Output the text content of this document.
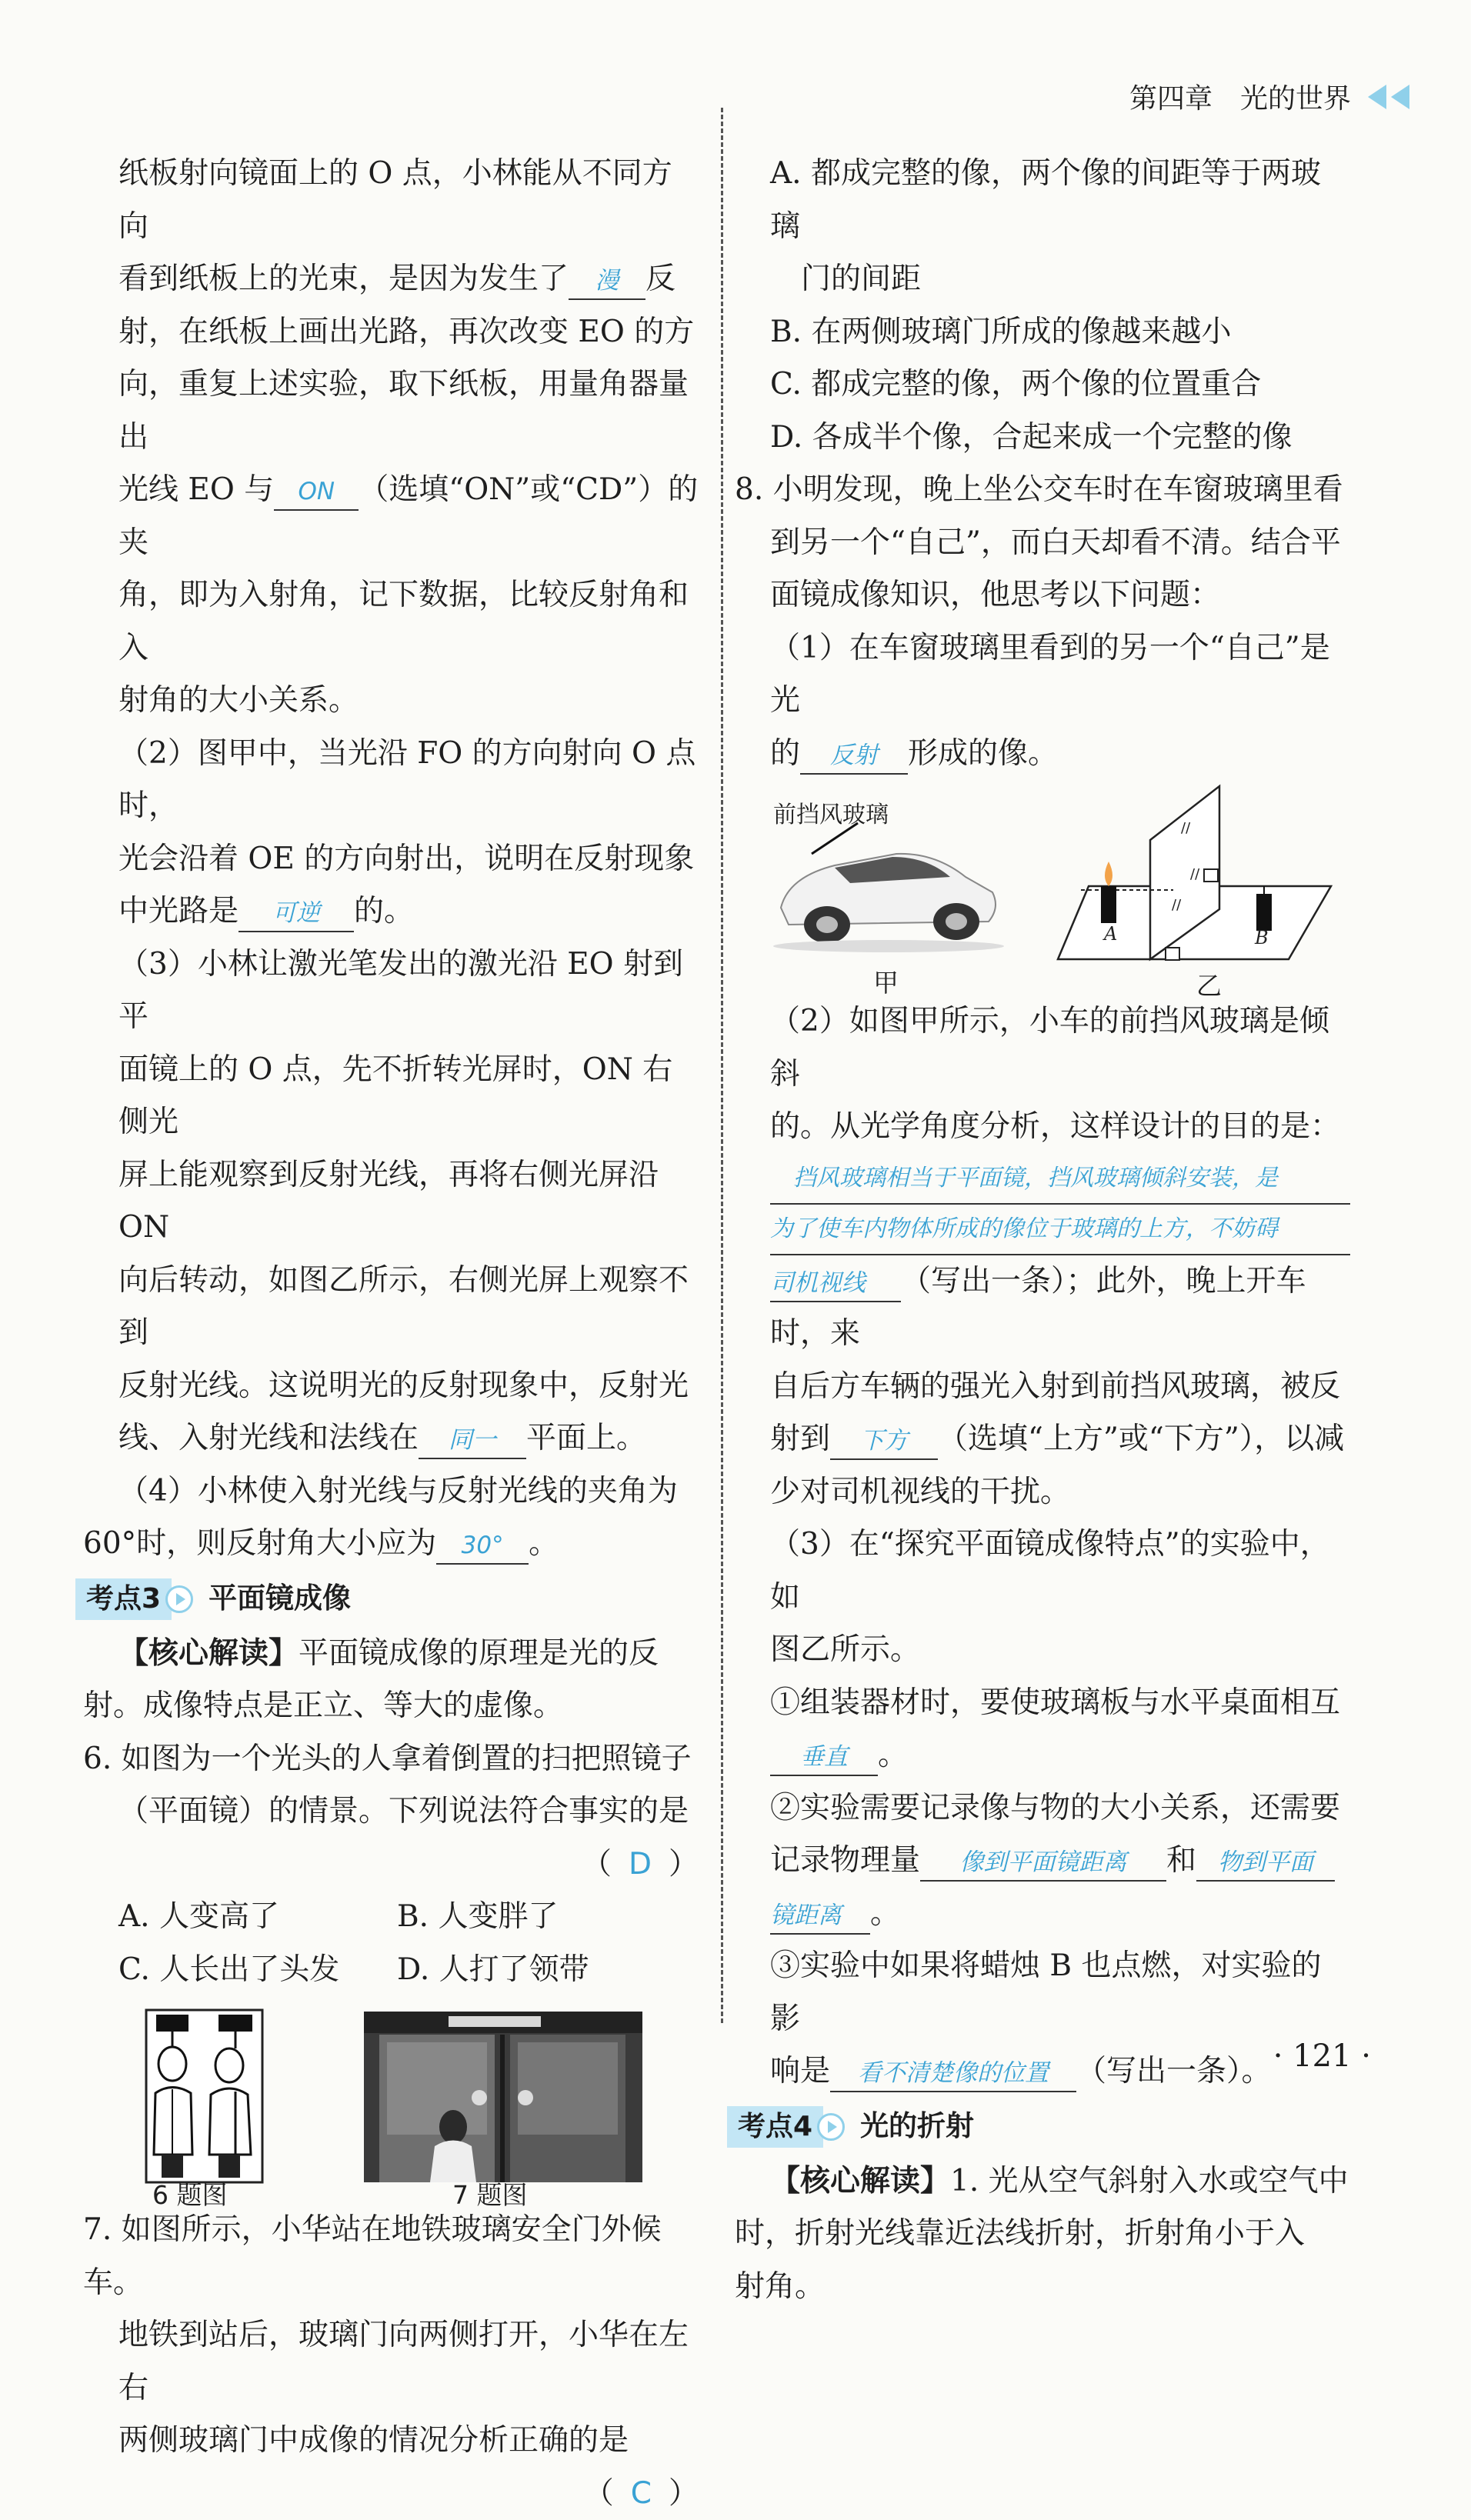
第四章 光的世界
纸板射向镜面上的 O 点，小林能从不同方向
看到纸板上的光束，是因为发生了 漫 反
射，在纸板上画出光路，再次改变 EO 的方
向，重复上述实验，取下纸板，用量角器量出
光线 EO 与 ON （选填“ON”或“CD”）的夹
角，即为入射角，记下数据，比较反射角和入
射角的大小关系。
（2）图甲中，当光沿 FO 的方向射向 O 点时，
光会沿着 OE 的方向射出，说明在反射现象
中光路是 可逆 的。
（3）小林让激光笔发出的激光沿 EO 射到平
面镜上的 O 点，先不折转光屏时，ON 右侧光
屏上能观察到反射光线，再将右侧光屏沿 ON
向后转动，如图乙所示，右侧光屏上观察不到
反射光线。这说明光的反射现象中，反射光
线、入射光线和法线在 同一 平面上。
（4）小林使入射光线与反射光线的夹角为
60°时，则反射角大小应为 30° 。
考点3	平面镜成像
【核心解读】平面镜成像的原理是光的反
射。成像特点是正立、等大的虚像。
6. 如图为一个光头的人拿着倒置的扫把照镜子
（平面镜）的情景。下列说法符合事实的是
（ D ）
A. 人变高了	B. 人变胖了
C. 人长出了头发	D. 人打了领带
6 题图	7 题图
7. 如图所示，小华站在地铁玻璃安全门外候车。
地铁到站后，玻璃门向两侧打开，小华在左右
两侧玻璃门中成像的情况分析正确的是
（ C ）
A. 都成完整的像，两个像的间距等于两玻璃
门的间距
B. 在两侧玻璃门所成的像越来越小
C. 都成完整的像，两个像的位置重合
D. 各成半个像，合起来成一个完整的像
8. 小明发现，晚上坐公交车时在车窗玻璃里看
到另一个“自己”，而白天却看不清。结合平
面镜成像知识，他思考以下问题：
（1）在车窗玻璃里看到的另一个“自己”是光
的 反射 形成的像。
前挡风玻璃
甲
//
//
//
A	B
乙
（2）如图甲所示，小车的前挡风玻璃是倾斜
的。从光学角度分析，这样设计的目的是：
挡风玻璃相当于平面镜，挡风玻璃倾斜安装，是
为了使车内物体所成的像位于玻璃的上方，不妨碍
司机视线 （写出一条）；此外，晚上开车时，来
自后方车辆的强光入射到前挡风玻璃，被反
射到 下方 （选填“上方”或“下方”），以减
少对司机视线的干扰。
（3）在“探究平面镜成像特点”的实验中，如
图乙所示。
①组装器材时，要使玻璃板与水平桌面相互
垂直 。
②实验需要记录像与物的大小关系，还需要
记录物理量 像到平面镜距离 和 物到平面
镜距离 。
③实验中如果将蜡烛 B 也点燃，对实验的影
响是 看不清楚像的位置 （写出一条）。
考点4	光的折射
【核心解读】1. 光从空气斜射入水或空气中
时，折射光线靠近法线折射，折射角小于入
射角。
· 121 ·
